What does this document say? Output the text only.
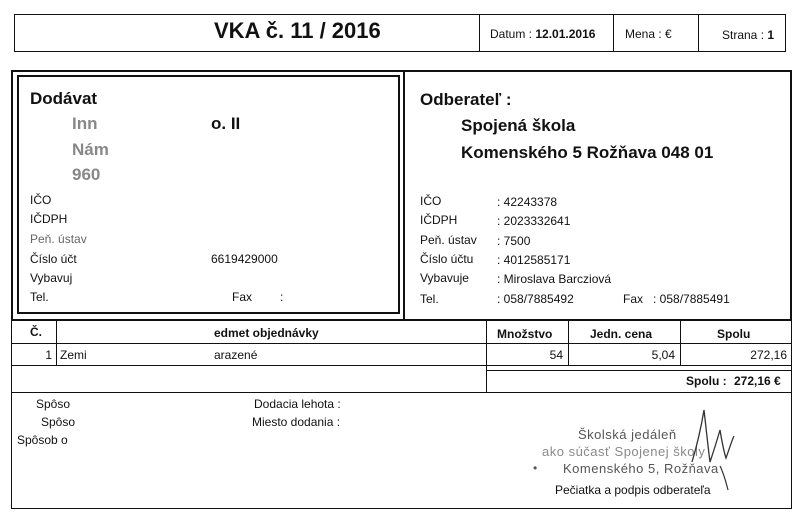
VKA č. 11 / 2016	Datum : 12.01.2016 Mena : €	Strana : 1
Dodávat
Inn	o. II
Nám
960
IČO
IČDPH
Peň. ústav
Číslo účt	6619429000
Vybavuj
Tel.	Fax :
Odberateľ :
Spojená škola
Komenského 5 Rožňava 048 01
IČO	: 42243378
IČDPH	: 2023332641
Peň. ústav : 7500
Číslo účtu : 4012585171
Vybavuje : Miroslava Barcziová
Tel.	: 058/7885492	Fax : 058/7885491
Č.	edmet objednávky	Množstvo	Jedn. cena	Spolu
1 Zemi	arazené	54	5,04	272,16
Spolu : 272,16 €
Spôso
Spôso
Spôsob o
Dodacia lehota :
Miesto dodania :
Školská jedáleň
ako súčasť Spojenej školy
Komenského 5, Rožňava
•
Pečiatka a podpis odberateľa
